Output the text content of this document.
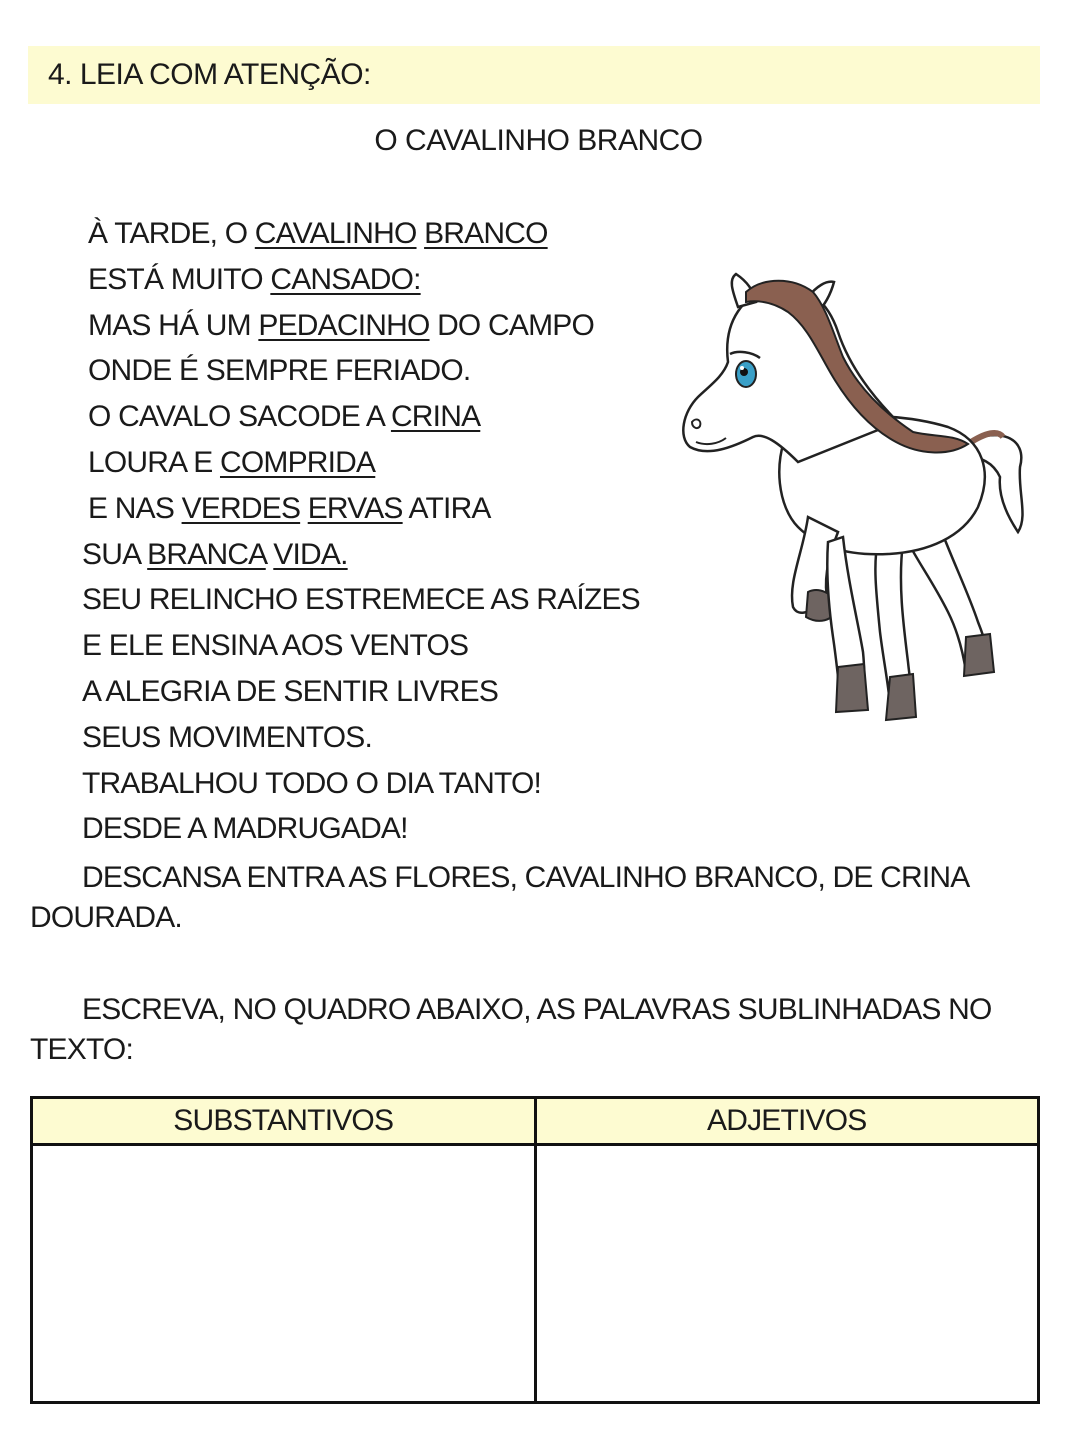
4. LEIA COM ATENÇÃO:
O CAVALINHO BRANCO
À TARDE, O CAVALINHO BRANCO
ESTÁ MUITO CANSADO:
MAS HÁ UM PEDACINHO DO CAMPO
ONDE É SEMPRE FERIADO.
O CAVALO SACODE A CRINA
LOURA E COMPRIDA
E NAS VERDES ERVAS ATIRA
SUA BRANCA VIDA.
SEU RELINCHO ESTREMECE AS RAÍZES
E ELE ENSINA AOS VENTOS
A ALEGRIA DE SENTIR LIVRES
SEUS MOVIMENTOS.
TRABALHOU TODO O DIA TANTO!
DESDE A MADRUGADA!
DESCANSA ENTRA AS FLORES, CAVALINHO BRANCO, DE CRINA DOURADA.
ESCREVA, NO QUADRO ABAIXO, AS PALAVRAS SUBLINHADAS NO TEXTO:
SUBSTANTIVOS	ADJETIVOS
